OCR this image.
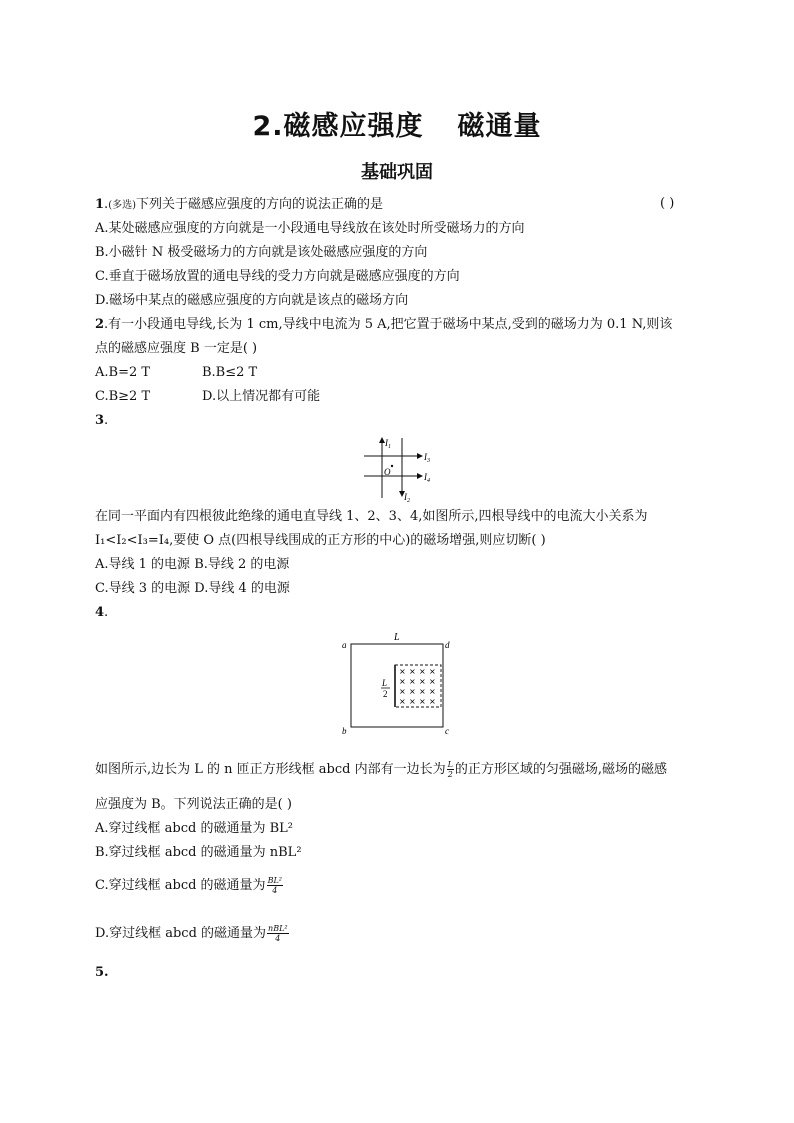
2.磁感应强度 磁通量
基础巩固
1.(多选)下列关于磁感应强度的方向的说法正确的是	( )
A.某处磁感应强度的方向就是一小段通电导线放在该处时所受磁场力的方向
B.小磁针 N 极受磁场力的方向就是该处磁感应强度的方向
C.垂直于磁场放置的通电导线的受力方向就是磁感应强度的方向
D.磁场中某点的磁感应强度的方向就是该点的磁场方向
2.有一小段通电导线,长为 1 cm,导线中电流为 5 A,把它置于磁场中某点,受到的磁场力为 0.1 N,则该
点的磁感应强度 B 一定是( )
A.B=2 T	B.B≤2 T
C.B≥2 T	D.以上情况都有可能
3.
$I_1$
$I_2$
$I_3$
$I_4$
O
在同一平面内有四根彼此绝缘的通电直导线 1、2、3、4,如图所示,四根导线中的电流大小关系为
I₁<I₂<I₃=I₄,要使 O 点(四根导线围成的正方形的中心)的磁场增强,则应切断( )
A.导线 1 的电源 B.导线 2 的电源
C.导线 3 的电源 D.导线 4 的电源
4.
× × × ×
× × × ×
× × × ×
× × × ×
a	d
b	c
L
L
2
如图所示,边长为 L 的 n 匝正方形线框 abcd 内部有一边长为 $\frac{L}{2}$ 的正方形区域的匀强磁场,磁场的磁感
应强度为 B。下列说法正确的是( )
A.穿过线框 abcd 的磁通量为 BL²
B.穿过线框 abcd 的磁通量为 nBL²
C.穿过线框 abcd 的磁通量为 $\frac{\text{BL²}}{4}$
D.穿过线框 abcd 的磁通量为 $\frac{\text{nBL²}}{4}$
5.
